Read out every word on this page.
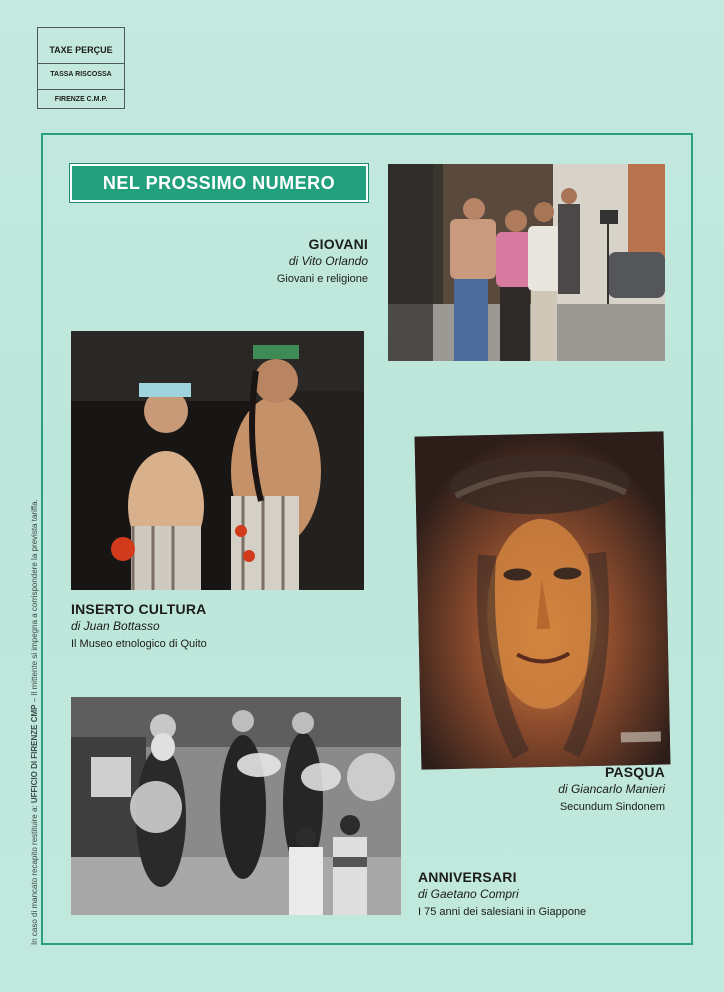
TAXE PERÇUE
TASSA RISCOSSA
FIRENZE C.M.P.
In caso di mancato recapito restituire a: UFFICIO DI FIRENZE CMP – Il mittente si impegna a corrispondere la prevista tariffa.
NEL PROSSIMO NUMERO
GIOVANI
di Vito Orlando
Giovani e religione
INSERTO CULTURA
di Juan Bottasso
Il Museo etnologico di Quito
PASQUA
di Giancarlo Manieri
Secundum Sindonem
ANNIVERSARI
di Gaetano Compri
I 75 anni dei salesiani in Giappone
